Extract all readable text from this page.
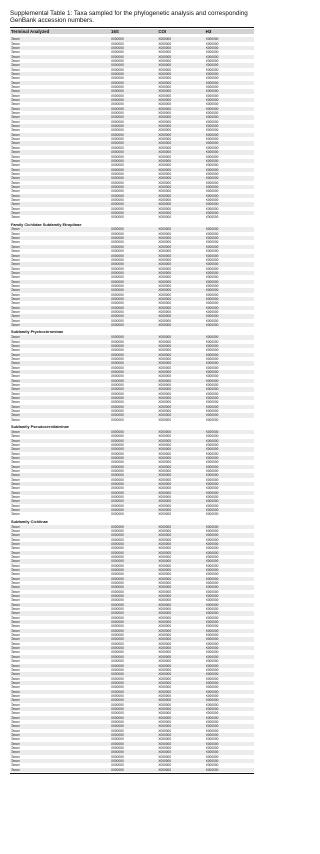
Supplemental Table 1: Taxa sampled for the phylogenetic analysis and corresponding GenBank accession numbers.
Terminal Analyzed	16S	COI	H3
Taxon	X000000	X000000	X000000
Taxon	X000000	X000000	X000000
Taxon	X000000	X000000	X000000
Taxon	X000000	X000000	X000000
Taxon	X000000	X000000	X000000
Taxon	X000000	X000000	X000000
Taxon	X000000	X000000	X000000
Taxon	X000000	X000000	X000000
Taxon	X000000	X000000	X000000
Taxon	X000000	X000000	X000000
Taxon	X000000	X000000	X000000
Taxon	X000000	X000000	X000000
Taxon	X000000	X000000	X000000
Taxon	X000000	X000000	X000000
Taxon	X000000	X000000	X000000
Taxon	X000000	X000000	X000000
Taxon	X000000	X000000	X000000
Taxon	X000000	X000000	X000000
Taxon	X000000	X000000	X000000
Taxon	X000000	X000000	X000000
Taxon	X000000	X000000	X000000
Taxon	X000000	X000000	X000000
Taxon	X000000	X000000	X000000
Taxon	X000000	X000000	X000000
Taxon	X000000	X000000	X000000
Taxon	X000000	X000000	X000000
Taxon	X000000	X000000	X000000
Taxon	X000000	X000000	X000000
Taxon	X000000	X000000	X000000
Taxon	X000000	X000000	X000000
Taxon	X000000	X000000	X000000
Taxon	X000000	X000000	X000000
Taxon	X000000	X000000	X000000
Taxon	X000000	X000000	X000000
Taxon	X000000	X000000	X000000
Taxon	X000000	X000000	X000000
Taxon	X000000	X000000	X000000
Taxon	X000000	X000000	X000000
Taxon	X000000	X000000	X000000
Taxon	X000000	X000000	X000000
Taxon	X000000	X000000	X000000
Taxon	X000000	X000000	X000000
Family Cichlidae Subfamily Etroplinae
Taxon	X000000	X000000	X000000
Taxon	X000000	X000000	X000000
Taxon	X000000	X000000	X000000
Taxon	X000000	X000000	X000000
Taxon	X000000	X000000	X000000
Taxon	X000000	X000000	X000000
Taxon	X000000	X000000	X000000
Taxon	X000000	X000000	X000000
Taxon	X000000	X000000	X000000
Taxon	X000000	X000000	X000000
Taxon	X000000	X000000	X000000
Taxon	X000000	X000000	X000000
Taxon	X000000	X000000	X000000
Taxon	X000000	X000000	X000000
Taxon	X000000	X000000	X000000
Taxon	X000000	X000000	X000000
Taxon	X000000	X000000	X000000
Taxon	X000000	X000000	X000000
Taxon	X000000	X000000	X000000
Taxon	X000000	X000000	X000000
Taxon	X000000	X000000	X000000
Taxon	X000000	X000000	X000000
Taxon	X000000	X000000	X000000
Subfamily Ptychochrominae
Taxon	X000000	X000000	X000000
Taxon	X000000	X000000	X000000
Taxon	X000000	X000000	X000000
Taxon	X000000	X000000	X000000
Taxon	X000000	X000000	X000000
Taxon	X000000	X000000	X000000
Taxon	X000000	X000000	X000000
Taxon	X000000	X000000	X000000
Taxon	X000000	X000000	X000000
Taxon	X000000	X000000	X000000
Taxon	X000000	X000000	X000000
Taxon	X000000	X000000	X000000
Taxon	X000000	X000000	X000000
Taxon	X000000	X000000	X000000
Taxon	X000000	X000000	X000000
Taxon	X000000	X000000	X000000
Taxon	X000000	X000000	X000000
Taxon	X000000	X000000	X000000
Taxon	X000000	X000000	X000000
Taxon	X000000	X000000	X000000
Subfamily Pseudocrenilabrinae
Taxon	X000000	X000000	X000000
Taxon	X000000	X000000	X000000
Taxon	X000000	X000000	X000000
Taxon	X000000	X000000	X000000
Taxon	X000000	X000000	X000000
Taxon	X000000	X000000	X000000
Taxon	X000000	X000000	X000000
Taxon	X000000	X000000	X000000
Taxon	X000000	X000000	X000000
Taxon	X000000	X000000	X000000
Taxon	X000000	X000000	X000000
Taxon	X000000	X000000	X000000
Taxon	X000000	X000000	X000000
Taxon	X000000	X000000	X000000
Taxon	X000000	X000000	X000000
Taxon	X000000	X000000	X000000
Taxon	X000000	X000000	X000000
Taxon	X000000	X000000	X000000
Taxon	X000000	X000000	X000000
Taxon	X000000	X000000	X000000
Subfamily Cichlinae
Taxon	X000000	X000000	X000000
Taxon	X000000	X000000	X000000
Taxon	X000000	X000000	X000000
Taxon	X000000	X000000	X000000
Taxon	X000000	X000000	X000000
Taxon	X000000	X000000	X000000
Taxon	X000000	X000000	X000000
Taxon	X000000	X000000	X000000
Taxon	X000000	X000000	X000000
Taxon	X000000	X000000	X000000
Taxon	X000000	X000000	X000000
Taxon	X000000	X000000	X000000
Taxon	X000000	X000000	X000000
Taxon	X000000	X000000	X000000
Taxon	X000000	X000000	X000000
Taxon	X000000	X000000	X000000
Taxon	X000000	X000000	X000000
Taxon	X000000	X000000	X000000
Taxon	X000000	X000000	X000000
Taxon	X000000	X000000	X000000
Taxon	X000000	X000000	X000000
Taxon	X000000	X000000	X000000
Taxon	X000000	X000000	X000000
Taxon	X000000	X000000	X000000
Taxon	X000000	X000000	X000000
Taxon	X000000	X000000	X000000
Taxon	X000000	X000000	X000000
Taxon	X000000	X000000	X000000
Taxon	X000000	X000000	X000000
Taxon	X000000	X000000	X000000
Taxon	X000000	X000000	X000000
Taxon	X000000	X000000	X000000
Taxon	X000000	X000000	X000000
Taxon	X000000	X000000	X000000
Taxon	X000000	X000000	X000000
Taxon	X000000	X000000	X000000
Taxon	X000000	X000000	X000000
Taxon	X000000	X000000	X000000
Taxon	X000000	X000000	X000000
Taxon	X000000	X000000	X000000
Taxon	X000000	X000000	X000000
Taxon	X000000	X000000	X000000
Taxon	X000000	X000000	X000000
Taxon	X000000	X000000	X000000
Taxon	X000000	X000000	X000000
Taxon	X000000	X000000	X000000
Taxon	X000000	X000000	X000000
Taxon	X000000	X000000	X000000
Taxon	X000000	X000000	X000000
Taxon	X000000	X000000	X000000
Taxon	X000000	X000000	X000000
Taxon	X000000	X000000	X000000
Taxon	X000000	X000000	X000000
Taxon	X000000	X000000	X000000
Taxon	X000000	X000000	X000000
Taxon	X000000	X000000	X000000
Taxon	X000000	X000000	X000000
